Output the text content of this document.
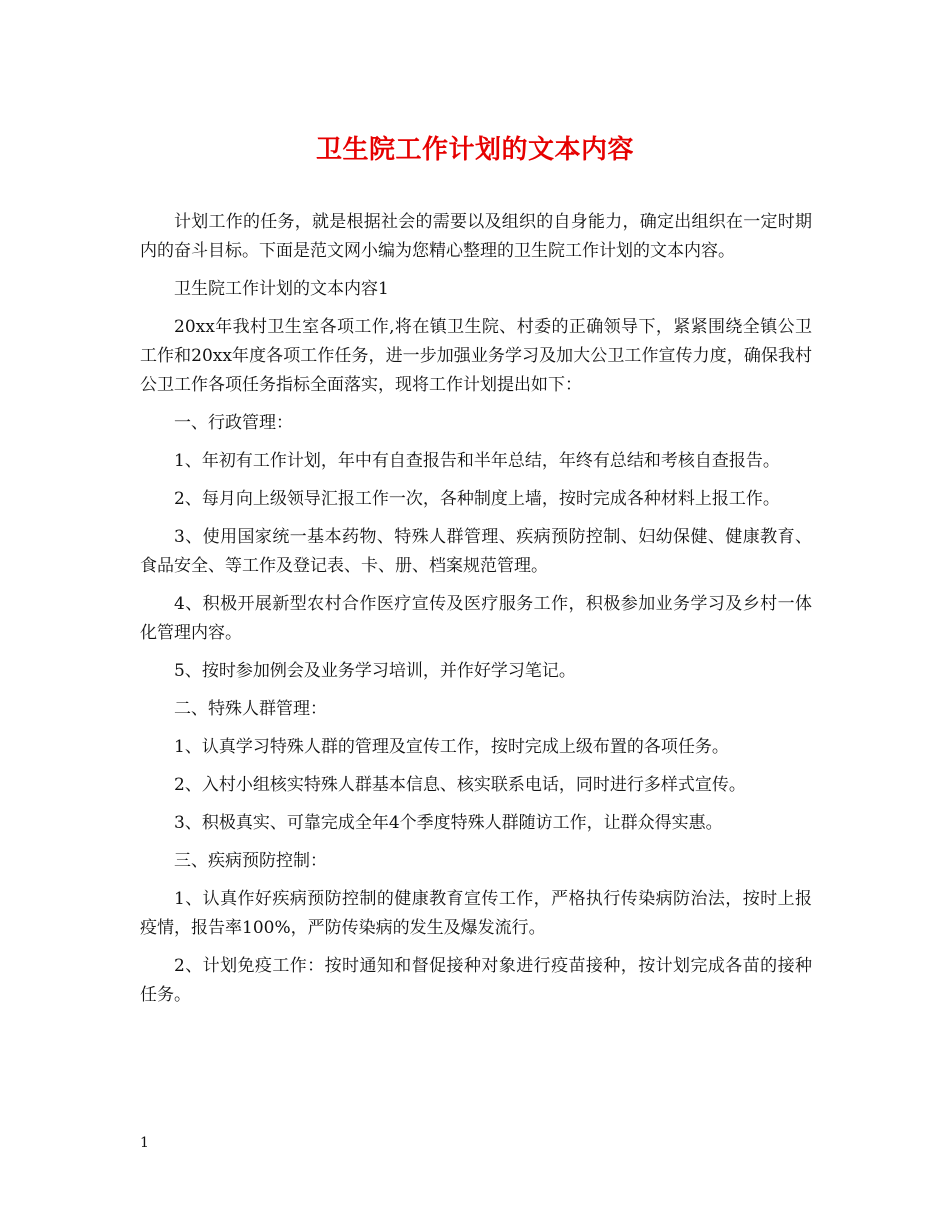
卫生院工作计划的文本内容

计划工作的任务，就是根据社会的需要以及组织的自身能力，确定出组织在一定时期内的奋斗目标。下面是范文网小编为您精心整理的卫生院工作计划的文本内容。

卫生院工作计划的文本内容1

20xx年我村卫生室各项工作,将在镇卫生院、村委的正确领导下，紧紧围绕全镇公卫工作和20xx年度各项工作任务，进一步加强业务学习及加大公卫工作宣传力度，确保我村公卫工作各项任务指标全面落实，现将工作计划提出如下：

一、行政管理：

1、年初有工作计划，年中有自查报告和半年总结，年终有总结和考核自查报告。

2、每月向上级领导汇报工作一次，各种制度上墙，按时完成各种材料上报工作。

3、使用国家统一基本药物、特殊人群管理、疾病预防控制、妇幼保健、健康教育、食品安全、等工作及登记表、卡、册、档案规范管理。

4、积极开展新型农村合作医疗宣传及医疗服务工作，积极参加业务学习及乡村一体化管理内容。

5、按时参加例会及业务学习培训，并作好学习笔记。

二、特殊人群管理：

1、认真学习特殊人群的管理及宣传工作，按时完成上级布置的各项任务。

2、入村小组核实特殊人群基本信息、核实联系电话，同时进行多样式宣传。

3、积极真实、可靠完成全年4个季度特殊人群随访工作，让群众得实惠。

三、疾病预防控制：

1、认真作好疾病预防控制的健康教育宣传工作，严格执行传染病防治法，按时上报疫情，报告率100%，严防传染病的发生及爆发流行。

2、计划免疫工作：按时通知和督促接种对象进行疫苗接种，按计划完成各苗的接种任务。

1
